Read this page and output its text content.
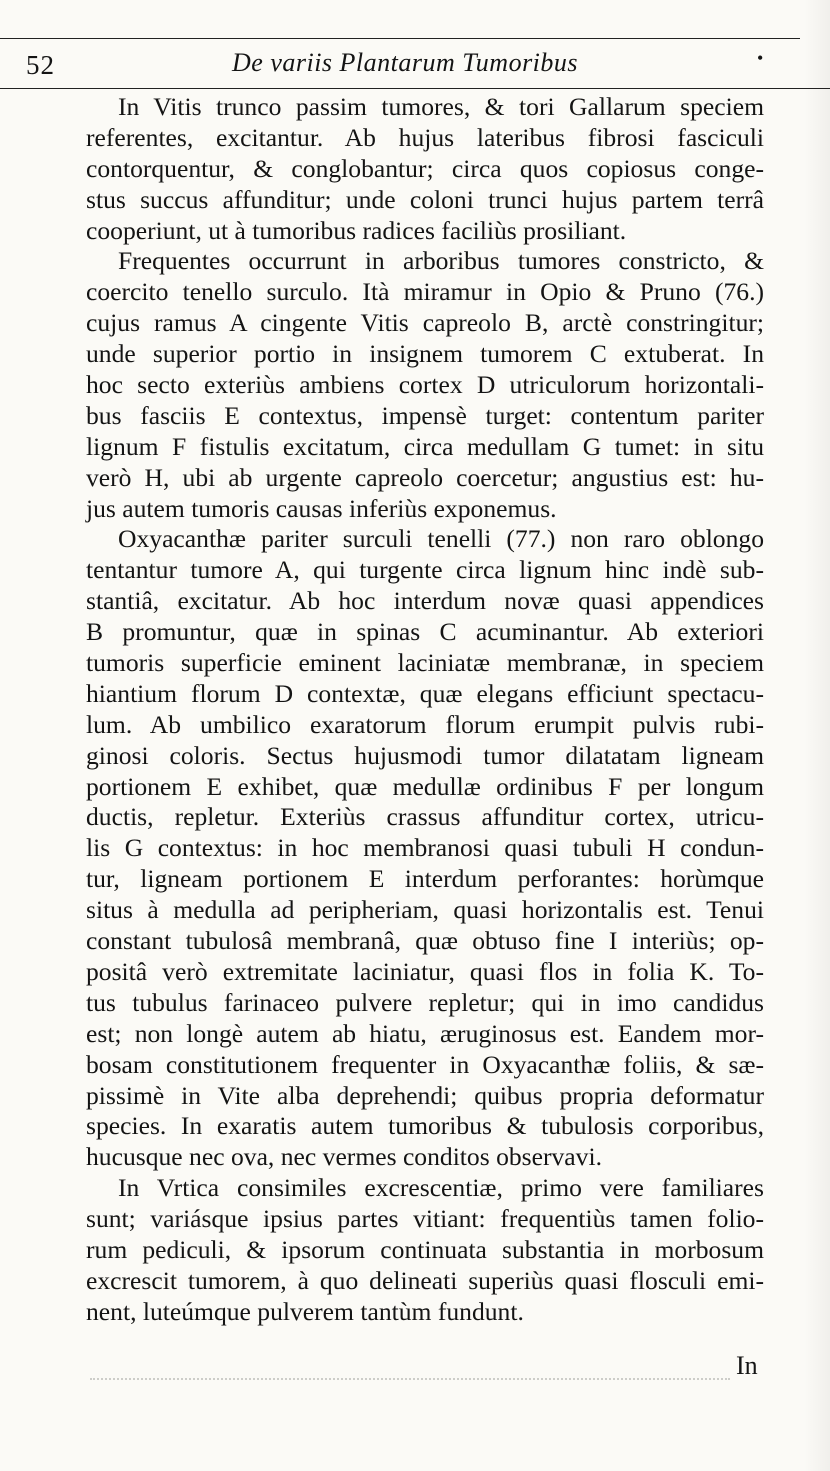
52	De variis Plantarum Tumoribus	•
In Vitis trunco passim tumores, & tori Gallarum speciem
referentes, excitantur. Ab hujus lateribus fibrosi fasciculi
contorquentur, & conglobantur; circa quos copiosus conge-
stus succus affunditur; unde coloni trunci hujus partem terrâ
cooperiunt, ut à tumoribus radices faciliùs prosiliant.
Frequentes occurrunt in arboribus tumores constricto, &
coercito tenello surculo. Ità miramur in Opio & Pruno (76.)
cujus ramus A cingente Vitis capreolo B, arctè constringitur;
unde superior portio in insignem tumorem C extuberat. In
hoc secto exteriùs ambiens cortex D utriculorum horizontali-
bus fasciis E contextus, impensè turget: contentum pariter
lignum F fistulis excitatum, circa medullam G tumet: in situ
verò H, ubi ab urgente capreolo coercetur; angustius est: hu-
jus autem tumoris causas inferiùs exponemus.
Oxyacanthæ pariter surculi tenelli (77.) non raro oblongo
tentantur tumore A, qui turgente circa lignum hinc indè sub-
stantiâ, excitatur. Ab hoc interdum novæ quasi appendices
B promuntur, quæ in spinas C acuminantur. Ab exteriori
tumoris superficie eminent laciniatæ membranæ, in speciem
hiantium florum D contextæ, quæ elegans efficiunt spectacu-
lum. Ab umbilico exaratorum florum erumpit pulvis rubi-
ginosi coloris. Sectus hujusmodi tumor dilatatam ligneam
portionem E exhibet, quæ medullæ ordinibus F per longum
ductis, repletur. Exteriùs crassus affunditur cortex, utricu-
lis G contextus: in hoc membranosi quasi tubuli H condun-
tur, ligneam portionem E interdum perforantes: horùmque
situs à medulla ad peripheriam, quasi horizontalis est. Tenui
constant tubulosâ membranâ, quæ obtuso fine I interiùs; op-
positâ verò extremitate laciniatur, quasi flos in folia K. To-
tus tubulus farinaceo pulvere repletur; qui in imo candidus
est; non longè autem ab hiatu, æruginosus est. Eandem mor-
bosam constitutionem frequenter in Oxyacanthæ foliis, & sæ-
pissimè in Vite alba deprehendi; quibus propria deformatur
species. In exaratis autem tumoribus & tubulosis corporibus,
hucusque nec ova, nec vermes conditos observavi.
In Vrtica consimiles excrescentiæ, primo vere familiares
sunt; variásque ipsius partes vitiant: frequentiùs tamen folio-
rum pediculi, & ipsorum continuata substantia in morbosum
excrescit tumorem, à quo delineati superiùs quasi flosculi emi-
nent, luteúmque pulverem tantùm fundunt.
In
